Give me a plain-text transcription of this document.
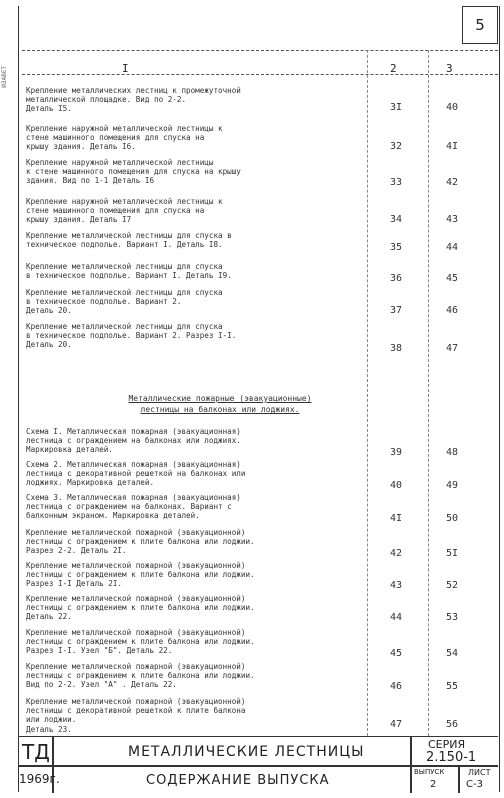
5
I	2	3
ИЗАВЕТ
Металлические пожарные (эвакуационные)
лестницы на балконах или лоджиях.
Крепление металлических лестниц к промежуточной
металлической площадке. Вид по 2-2.
Деталь I5.	3I	40
Крепление наружной металлической лестницы к
стене машинного помещения для спуска на
крышу здания. Деталь I6.	32	4I
Крепление наружной металлической лестницы
к стене машинного помещения для спуска на крышу
здания. Вид по 1-1 Деталь I6	33	42
Крепление наружной металлической лестницы к
стене машинного помещения для спуска на
крышу здания. Деталь I7	34	43
Крепление металлической лестницы для спуска в
техническое подполье. Вариант I. Деталь I8.	35	44
Крепление металлической лестницы для спуска
в техническое подполье. Вариант I. Деталь I9.	36	45
Крепление металлической лестницы для спуска
в техническое подполье. Вариант 2.
Деталь 20.	37	46
Крепление металлической лестницы для спуска
в техническое подполье. Вариант 2. Разрез I-I.
Деталь 20.	38	47
Схема I. Металлическая пожарная (эвакуационная)
лестница с ограждением на балконах или лоджиях.
Маркировка деталей.	39	48
Схема 2. Металлическая пожарная (эвакуационная)
лестница с декоративной решеткой на балконах или
лоджиях. Маркировка деталей.	40	49
Схема 3. Металлическая пожарная (эвакуационная)
лестница с ограждением на балконах. Вариант с
балконным экраном. Маркировка деталей.	4I	50
Крепление металлической пожарной (эвакуационной)
лестницы с ограждением к плите балкона или лоджии.
Разрез 2-2. Деталь 2I.	42	5I
Крепление металлической пожарной (эвакуационной)
лестницы с ограждением к плите балкона или лоджии.
Разрез I-I Деталь 2I.	43	52
Крепление металлической пожарной (эвакуационной)
лестницы с ограждением к плите балкона или лоджии.
Деталь 22.	44	53
Крепление металлической пожарной (эвакуационной)
лестницы с ограждением к плите балкона или лоджии.
Разрез I-I. Узел "Б". Деталь 22.	45	54
Крепление металлической пожарной (эвакуационной)
лестницы с ограждением к плите балкона или лоджии.
Вид по 2-2. Узел "А" . Деталь 22.	46	55
Крепление металлической пожарной (эвакуационной)
лестницы с декоративной решеткой к плите балкона
или лоджии.
Деталь 23.	47	56
ТД
1969г.
МЕТАЛЛИЧЕСКИЕ ЛЕСТНИЦЫ
СОДЕРЖАНИЕ ВЫПУСКА
СЕРИЯ
2.150-1
ВЫПУСК
2
ЛИСТ
С-3
